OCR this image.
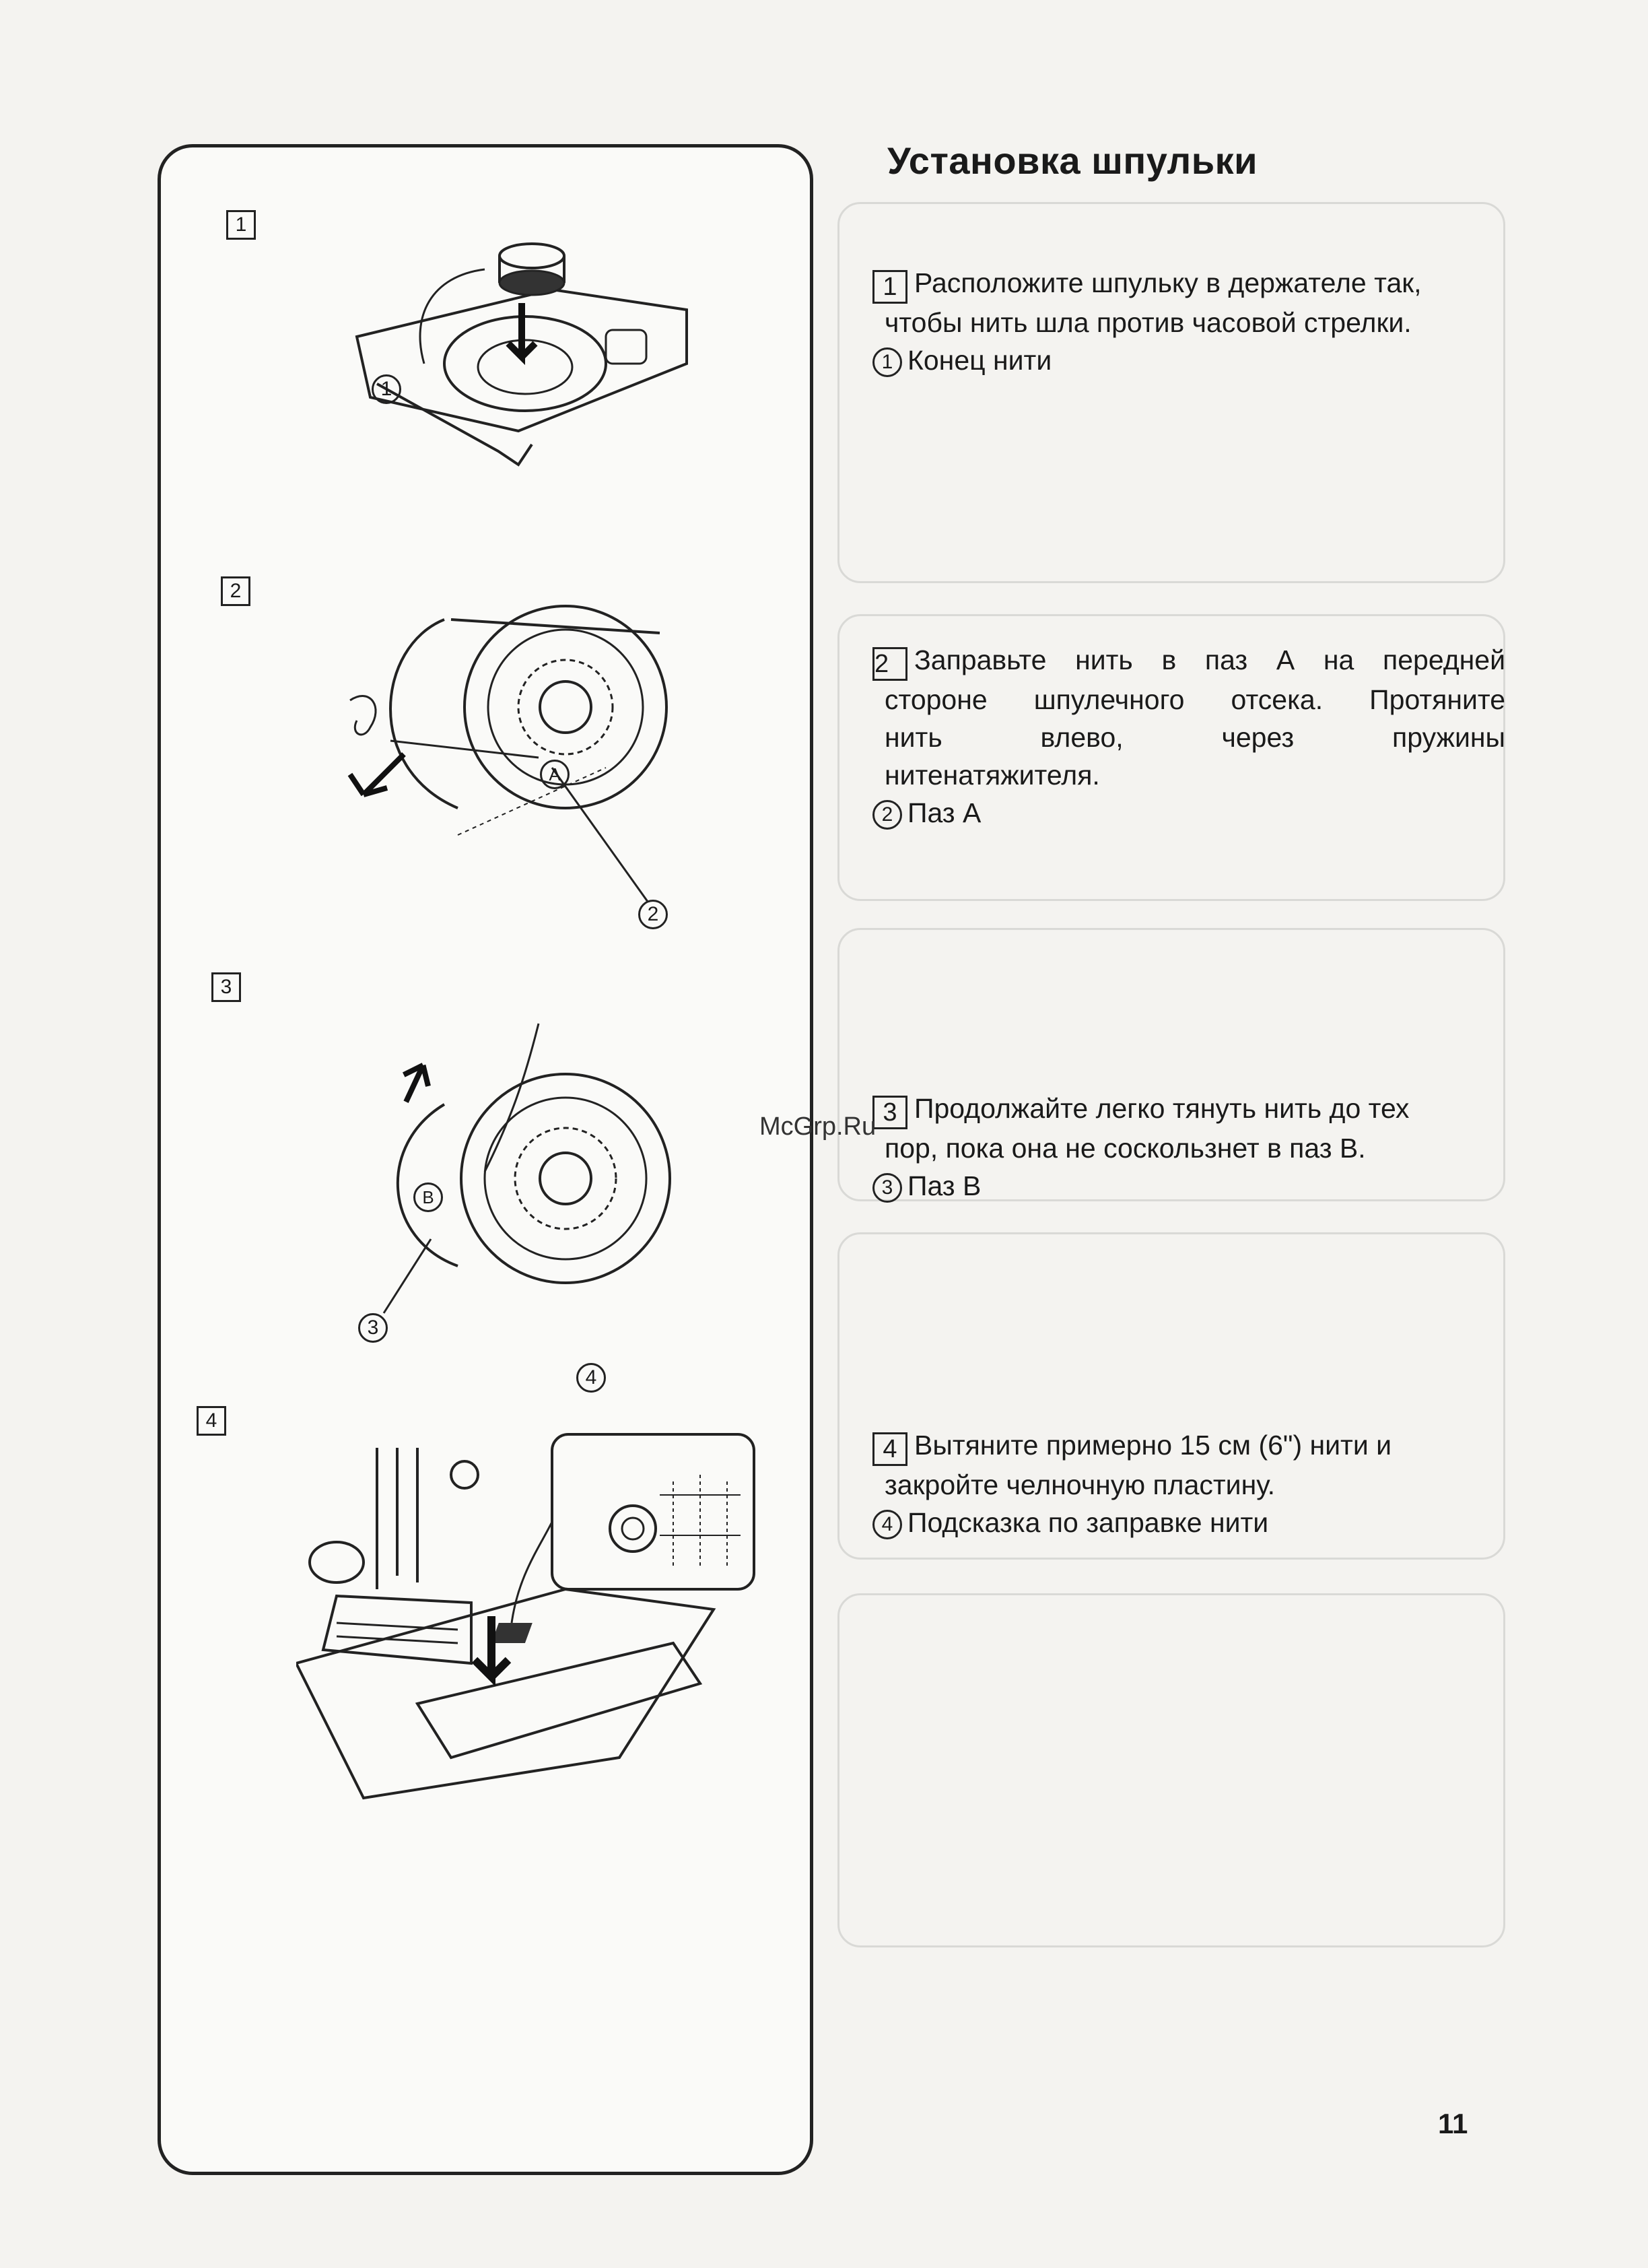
1
1
2
A
2
3
B
3
4
4
Установка шпульки

1 Расположите шпульку в держателе так,

чтобы нить шла против часовой стрелки.

1 Конец нити

2 Заправьте нить в паз А на передней

стороне шпулечного отсека. Протяните

нить влево, через пружины

нитенатяжителя.

2 Паз А

3 Продолжайте легко тянуть нить до тех

пор, пока она не соскользнет в паз В.

3 Паз В

4 Вытяните примерно 15 см (6") нити и

закройте челночную пластину.

4 Подсказка по заправке нити

McGrp.Ru
11
